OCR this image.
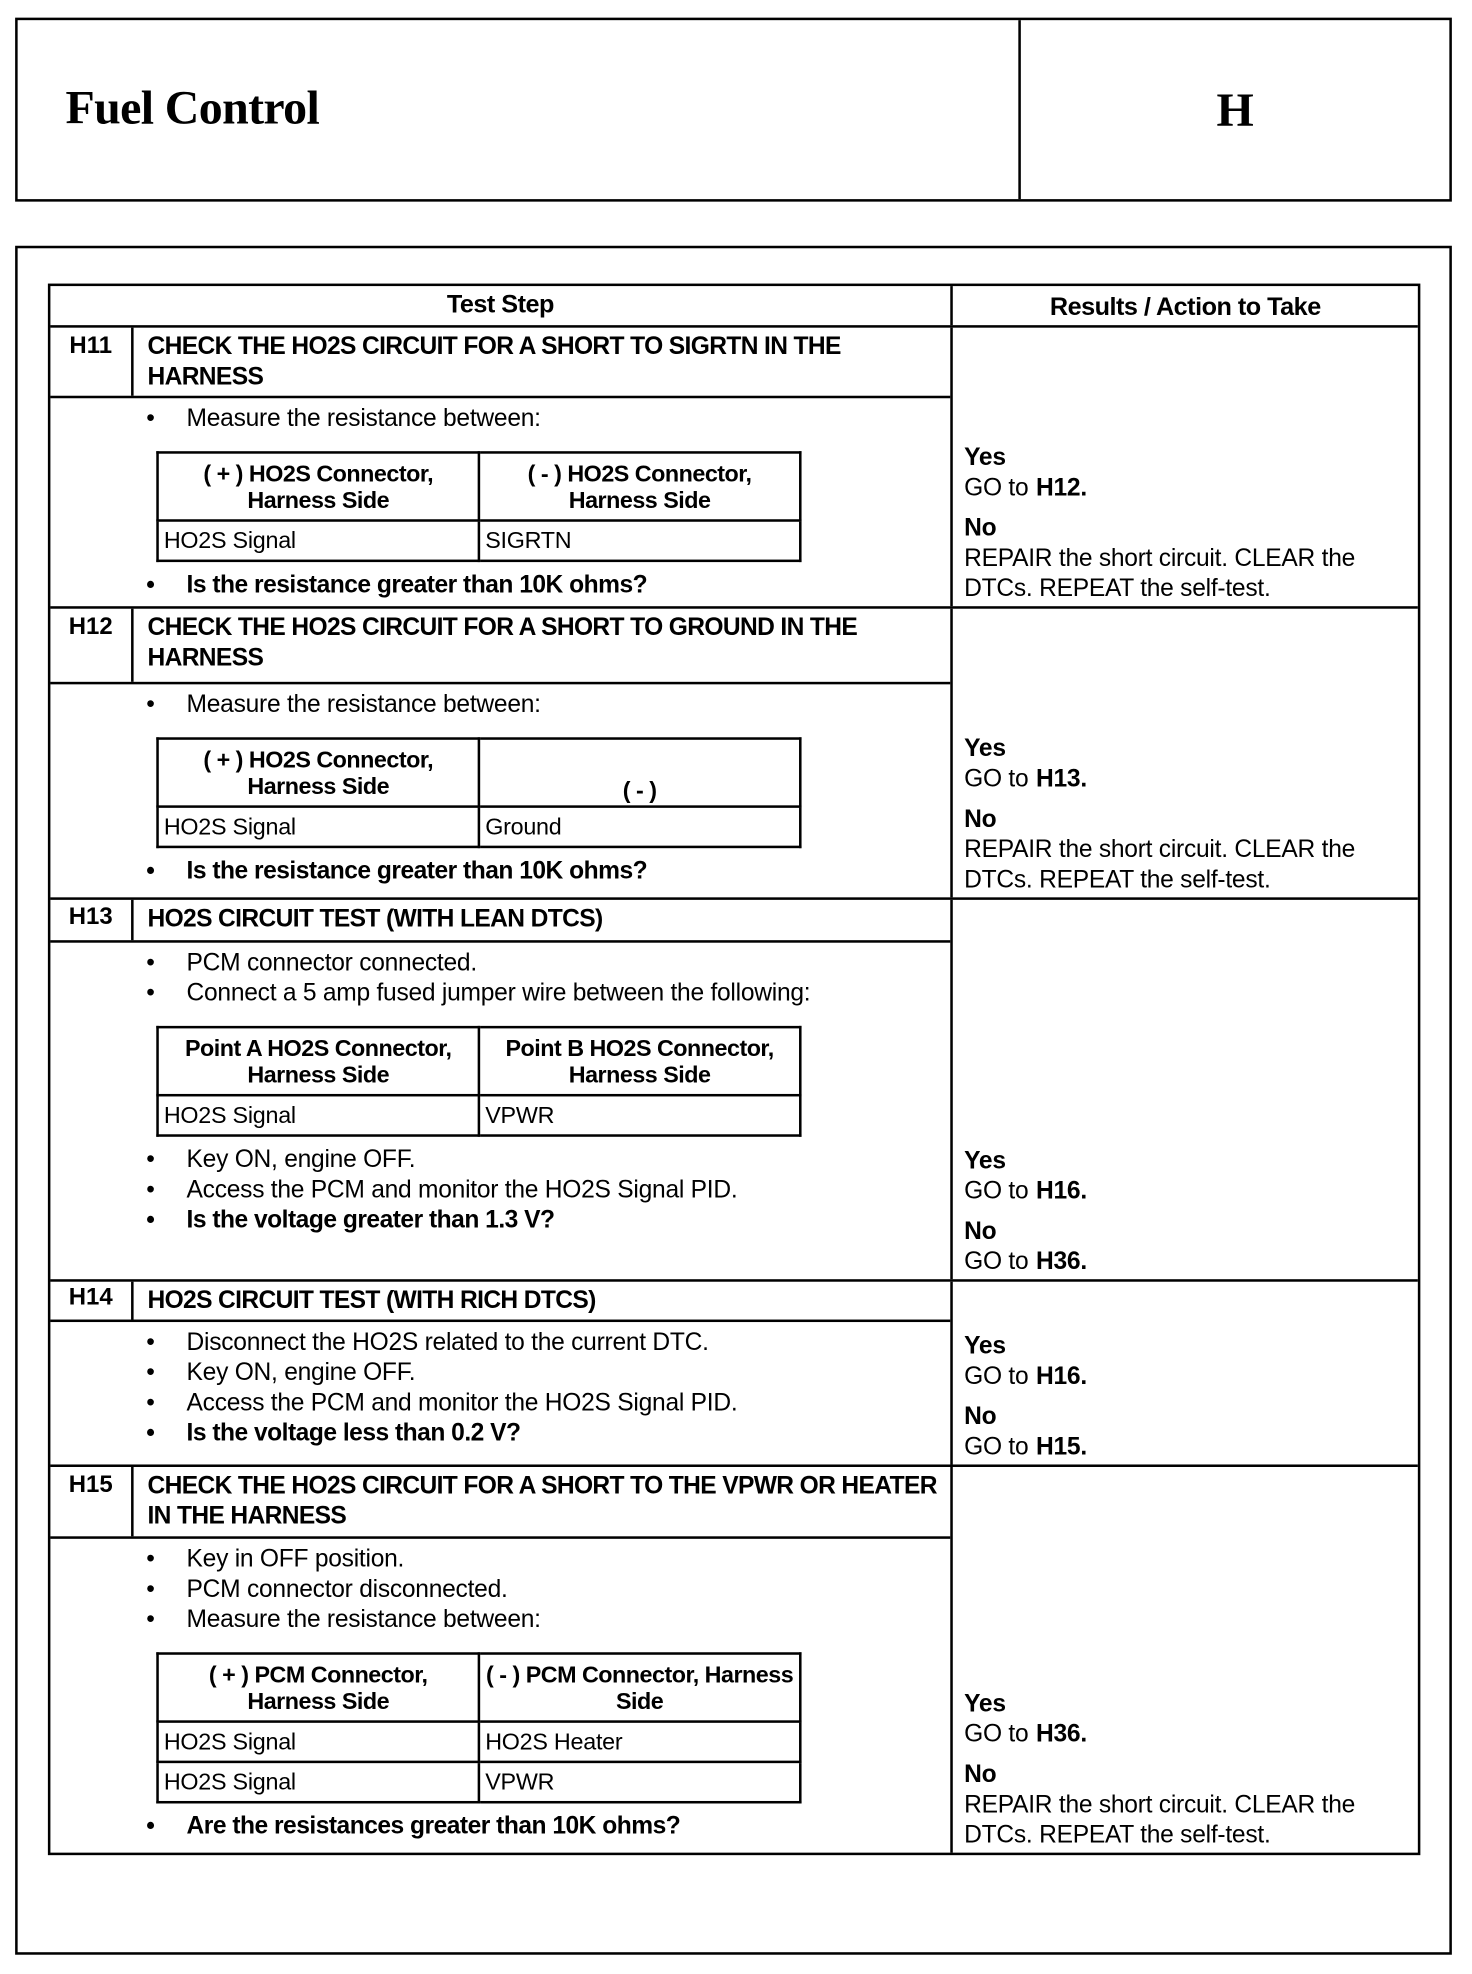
Fuel Control	H
Test Step	Results / Action to Take
H11	CHECK THE HO2S CIRCUIT FOR A SHORT TO SIGRTN IN THE HARNESS
• Measure the resistance between:
( + ) HO2S Connector, Harness Side	( - ) HO2S Connector, Harness Side
HO2S Signal	SIGRTN
• Is the resistance greater than 10K ohms?
Yes
GO to H12.
No
REPAIR the short circuit. CLEAR the DTCs. REPEAT the self-test.
H12	CHECK THE HO2S CIRCUIT FOR A SHORT TO GROUND IN THE HARNESS
• Measure the resistance between:
( + ) HO2S Connector, Harness Side	( - )
HO2S Signal	Ground
• Is the resistance greater than 10K ohms?
Yes
GO to H13.
No
REPAIR the short circuit. CLEAR the DTCs. REPEAT the self-test.
H13	HO2S CIRCUIT TEST (WITH LEAN DTCS)
• PCM connector connected.
• Connect a 5 amp fused jumper wire between the following:
Point A HO2S Connector, Harness Side	Point B HO2S Connector, Harness Side
HO2S Signal	VPWR
• Key ON, engine OFF.
• Access the PCM and monitor the HO2S Signal PID.
• Is the voltage greater than 1.3 V?
Yes
GO to H16.
No
GO to H36.
H14	HO2S CIRCUIT TEST (WITH RICH DTCS)
• Disconnect the HO2S related to the current DTC.
• Key ON, engine OFF.
• Access the PCM and monitor the HO2S Signal PID.
• Is the voltage less than 0.2 V?
Yes
GO to H16.
No
GO to H15.
H15	CHECK THE HO2S CIRCUIT FOR A SHORT TO THE VPWR OR HEATER IN THE HARNESS
• Key in OFF position.
• PCM connector disconnected.
• Measure the resistance between:
( + ) PCM Connector, Harness Side	( - ) PCM Connector, Harness Side
HO2S Signal	HO2S Heater
HO2S Signal	VPWR
• Are the resistances greater than 10K ohms?
Yes
GO to H36.
No
REPAIR the short circuit. CLEAR the DTCs. REPEAT the self-test.
